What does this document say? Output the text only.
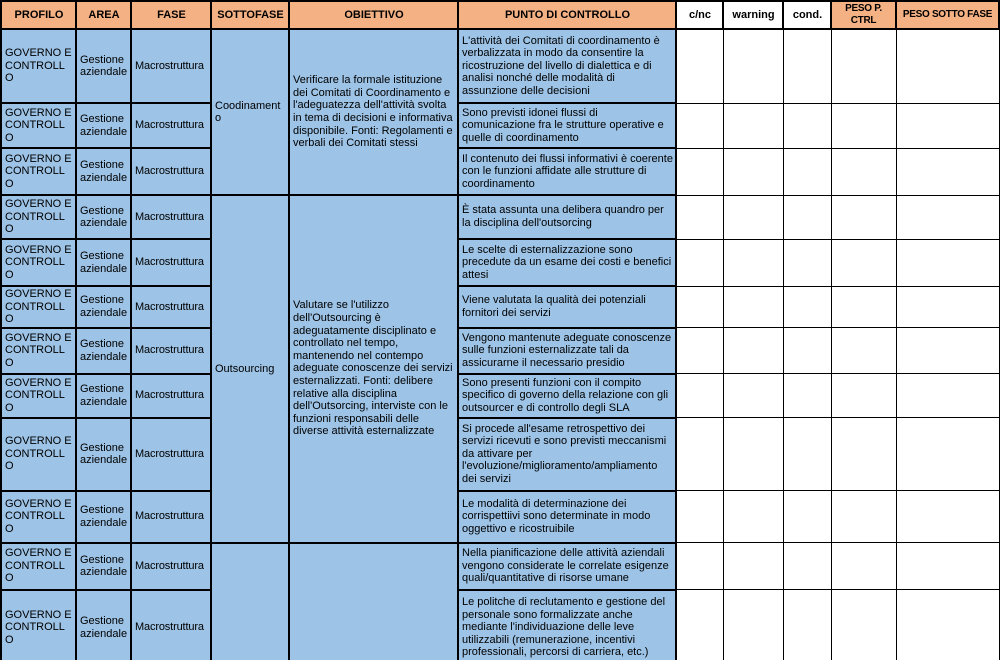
PROFILO	AREA	FASE	SOTTOFASE	OBIETTIVO	PUNTO DI CONTROLLO	c/nc	warning	cond.	PESO P. CTRL	PESO SOTTO FASE
GOVERNO E CONTROLLO	Gestione aziendale	Macrostruttura	Coodinamento	Verificare la formale istituzione dei Comitati di Coordinamento e l'adeguatezza dell'attività svolta in tema di decisioni e informativa disponibile. Fonti: Regolamenti e verbali dei Comitati stessi	L'attività dei Comitati di coordinamento è verbalizzata in modo da consentire la ricostruzione del livello di dialettica e di analisi nonché delle modalità di assunzione delle decisioni					
GOVERNO E CONTROLLO	Gestione aziendale	Macrostruttura			Sono previsti idonei flussi di comunicazione fra le strutture operative e quelle di coordinamento					
GOVERNO E CONTROLLO	Gestione aziendale	Macrostruttura			Il contenuto dei flussi informativi è coerente con le funzioni affidate alle strutture di coordinamento					
GOVERNO E CONTROLLO	Gestione aziendale	Macrostruttura	Outsourcing	Valutare se l'utilizzo dell'Outsourcing è adeguatamente disciplinato e controllato nel tempo, mantenendo nel contempo adeguate conoscenze dei servizi esternalizzati. Fonti: delibere relative alla disciplina dell'Outsorcing, interviste con le funzioni responsabili delle diverse attività esternalizzate	È stata assunta una delibera quandro per la disciplina dell'outsorcing					
GOVERNO E CONTROLLO	Gestione aziendale	Macrostruttura			Le scelte di esternalizzazione sono precedute da un esame dei costi e benefici attesi					
GOVERNO E CONTROLLO	Gestione aziendale	Macrostruttura			Viene valutata la qualità dei potenziali fornitori dei servizi					
GOVERNO E CONTROLLO	Gestione aziendale	Macrostruttura			Vengono mantenute adeguate conoscenze sulle funzioni esternalizzate tali da assicurarne il necessario presidio					
GOVERNO E CONTROLLO	Gestione aziendale	Macrostruttura			Sono presenti funzioni con il compito specifico di governo della relazione con gli outsourcer e di controllo degli SLA					
GOVERNO E CONTROLLO	Gestione aziendale	Macrostruttura			Si procede all'esame retrospettivo dei servizi ricevuti e sono previsti meccanismi da attivare per l'evoluzione/miglioramento/ampliamento dei servizi					
GOVERNO E CONTROLLO	Gestione aziendale	Macrostruttura			Le modalità di determinazione dei corrispettiivi sono determinate in modo oggettivo e ricostruibile					
GOVERNO E CONTROLLO	Gestione aziendale	Macrostruttura			Nella pianificazione delle attività aziendali vengono considerate le correlate esigenze quali/quantitative di risorse umane					
GOVERNO E CONTROLLO	Gestione aziendale	Macrostruttura			Le politche di reclutamento e gestione del personale sono formalizzate anche mediante l'individuazione delle leve utilizzabili (remunerazione, incentivi professionali, percorsi di carriera, etc.)					
